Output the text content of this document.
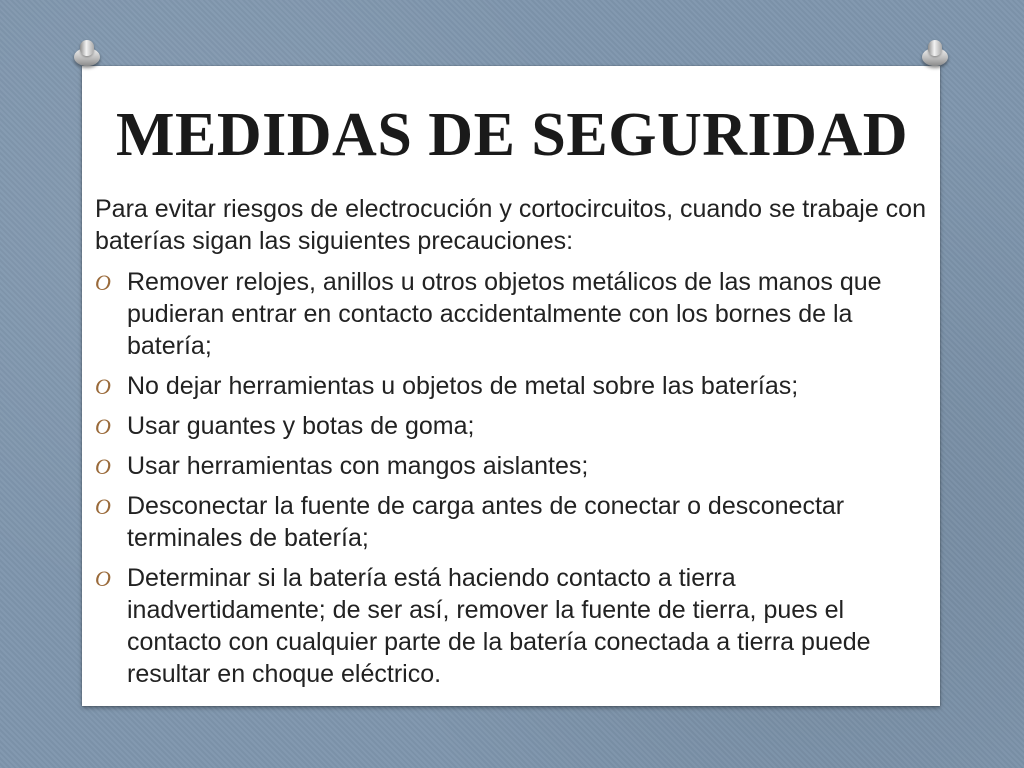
MEDIDAS DE SEGURIDAD

Para evitar riesgos de electrocución y cortocircuitos, cuando se trabaje con baterías sigan las siguientes precauciones:

O Remover relojes, anillos u otros objetos metálicos de las manos que pudieran entrar en contacto accidentalmente con los bornes de la batería;
O No dejar herramientas u objetos de metal sobre las baterías;
O Usar guantes y botas de goma;
O Usar herramientas con mangos aislantes;
O Desconectar la fuente de carga antes de conectar o desconectar terminales de batería;
O Determinar si la batería está haciendo contacto a tierra inadvertidamente; de ser así, remover la fuente de tierra, pues el contacto con cualquier parte de la batería conectada a tierra puede resultar en choque eléctrico.
